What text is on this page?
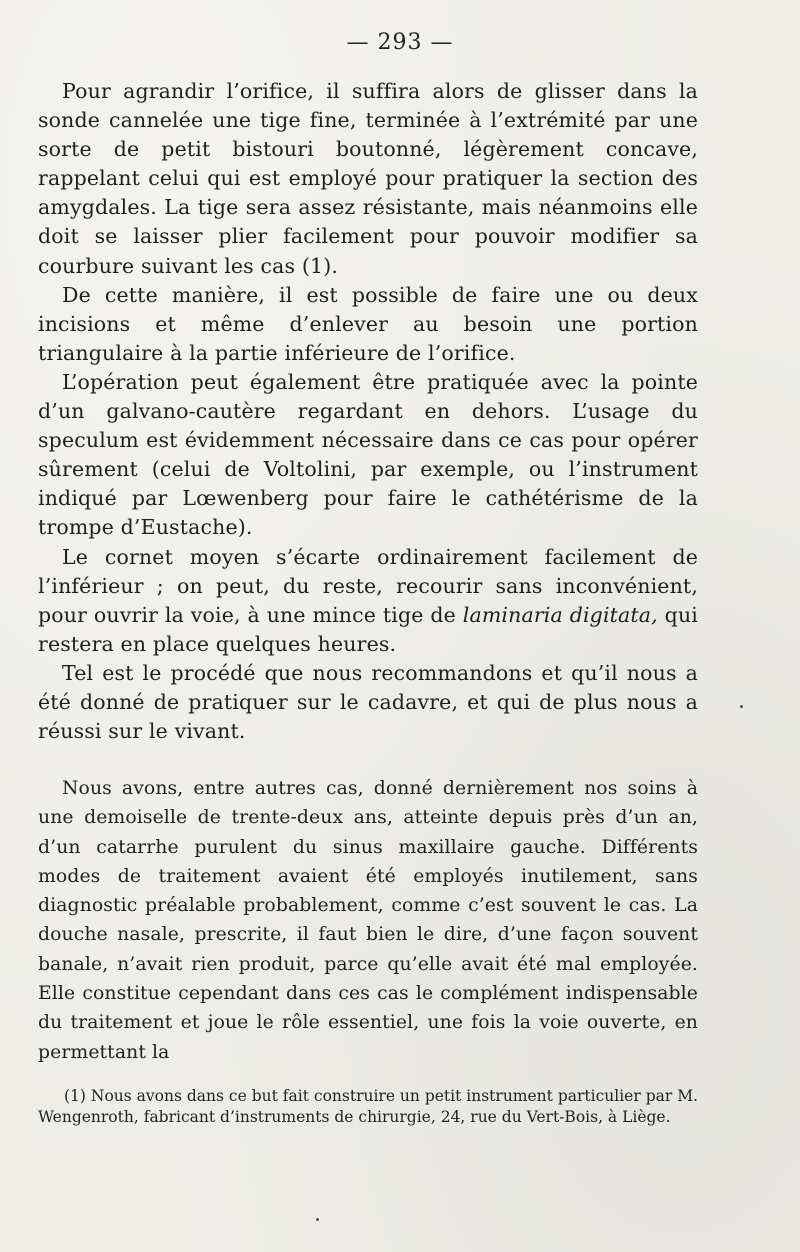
— 293 —

Pour agrandir l’orifice, il suffira alors de glisser dans la sonde cannelée une tige fine, terminée à l’extrémité par une sorte de petit bistouri boutonné, légèrement concave, rappelant celui qui est employé pour pratiquer la section des amygdales. La tige sera assez résistante, mais néanmoins elle doit se laisser plier facilement pour pouvoir modifier sa courbure suivant les cas (1).

De cette manière, il est possible de faire une ou deux incisions et même d’enlever au besoin une portion triangulaire à la partie inférieure de l’orifice.

L’opération peut également être pratiquée avec la pointe d’un galvano-cautère regardant en dehors. L’usage du speculum est évidemment nécessaire dans ce cas pour opérer sûrement (celui de Voltolini, par exemple, ou l’instrument indiqué par Lœwenberg pour faire le cathétérisme de la trompe d’Eustache).

Le cornet moyen s’écarte ordinairement facilement de l’inférieur ; on peut, du reste, recourir sans inconvénient, pour ouvrir la voie, à une mince tige de laminaria digitata, qui restera en place quelques heures.

Tel est le procédé que nous recommandons et qu’il nous a été donné de pratiquer sur le cadavre, et qui de plus nous a réussi sur le vivant.

Nous avons, entre autres cas, donné dernièrement nos soins à une demoiselle de trente-deux ans, atteinte depuis près d’un an, d’un catarrhe purulent du sinus maxillaire gauche. Différents modes de traitement avaient été employés inutilement, sans diagnostic préalable probablement, comme c’est souvent le cas. La douche nasale, prescrite, il faut bien le dire, d’une façon souvent banale, n’avait rien produit, parce qu’elle avait été mal employée. Elle constitue cependant dans ces cas le complément indispensable du traitement et joue le rôle essentiel, une fois la voie ouverte, en permettant la

(1) Nous avons dans ce but fait construire un petit instrument particulier par M. Wengenroth, fabricant d’instruments de chirurgie, 24, rue du Vert-Bois, à Liège.
